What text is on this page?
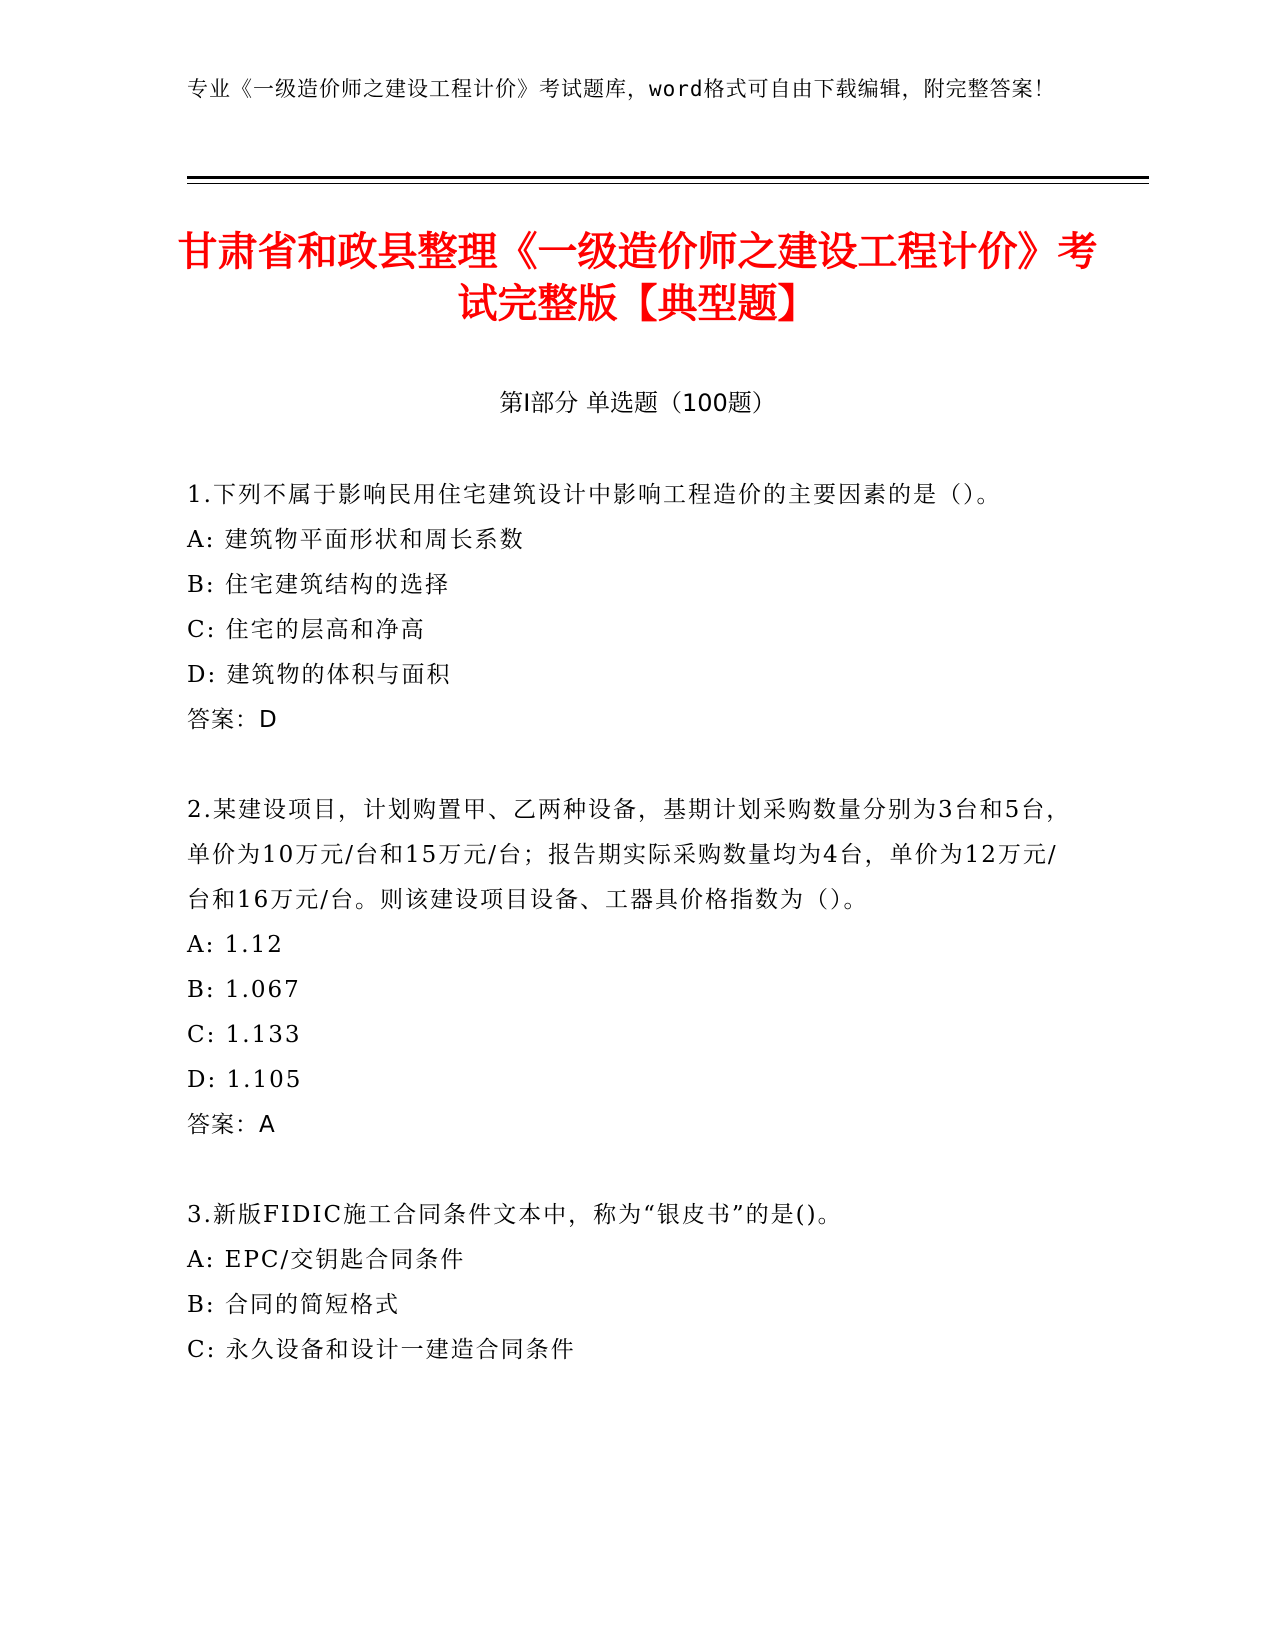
专业《一级造价师之建设工程计价》考试题库，word格式可自由下载编辑，附完整答案！
甘肃省和政县整理《一级造价师之建设工程计价》考试完整版【典型题】
第Ⅰ部分 单选题（100题）

1.下列不属于影响民用住宅建筑设计中影响工程造价的主要因素的是（）。

A: 建筑物平面形状和周长系数

B: 住宅建筑结构的选择

C: 住宅的层高和净高

D: 建筑物的体积与面积

答案：D

2.某建设项目，计划购置甲、乙两种设备，基期计划采购数量分别为3台和5台，单价为10万元/台和15万元/台；报告期实际采购数量均为4台，单价为12万元/台和16万元/台。则该建设项目设备、工器具价格指数为（）。

A: 1.12

B: 1.067

C: 1.133

D: 1.105

答案：A

3.新版FIDIC施工合同条件文本中，称为“银皮书”的是()。

A: EPC/交钥匙合同条件

B: 合同的简短格式

C: 永久设备和设计一建造合同条件
